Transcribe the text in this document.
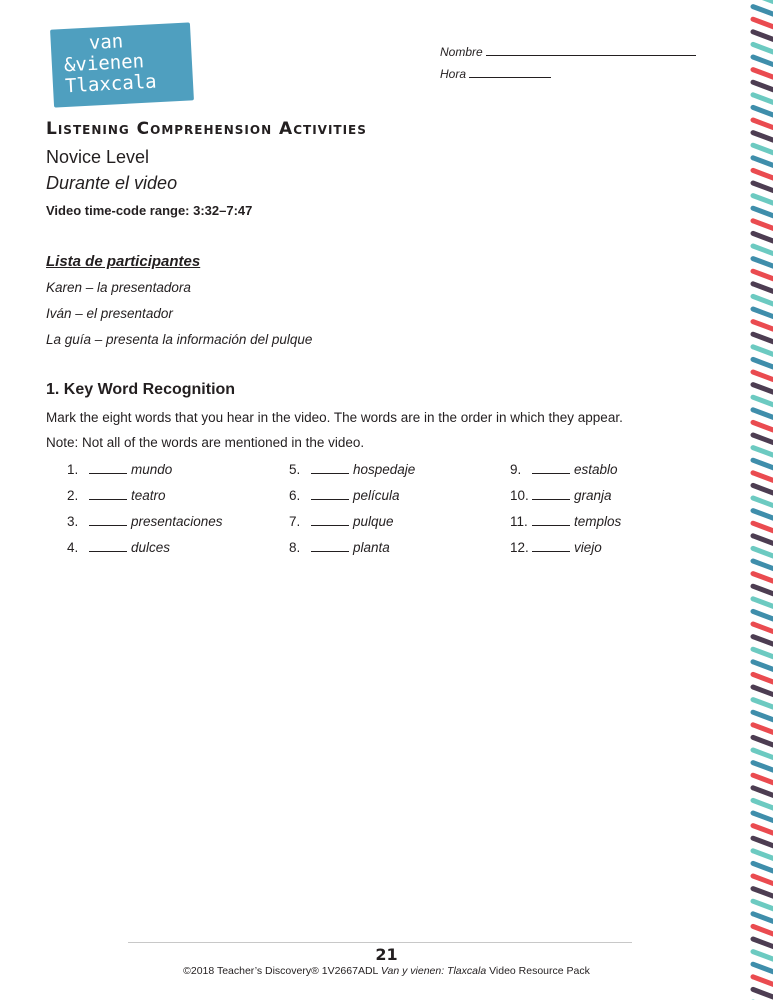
van
&vienen
Tlaxcala
Nombre
Hora
Listening Comprehension Activities
Novice Level
Durante el video
Video time-code range: 3:32–7:47
Lista de participantes
Karen – la presentadora
Iván – el presentador
La guía – presenta la información del pulque
1. Key Word Recognition
Mark the eight words that you hear in the video. The words are in the order in which they appear.
Note: Not all of the words are mentioned in the video.
1.	mundo
2.	teatro
3.	presentaciones
4.	dulces
5.	hospedaje
6.	película
7.	pulque
8.	planta
9.	establo
10.	granja
11.	templos
12.	viejo
21
©2018 Teacher’s Discovery® 1V2667ADL Van y vienen: Tlaxcala Video Resource Pack
